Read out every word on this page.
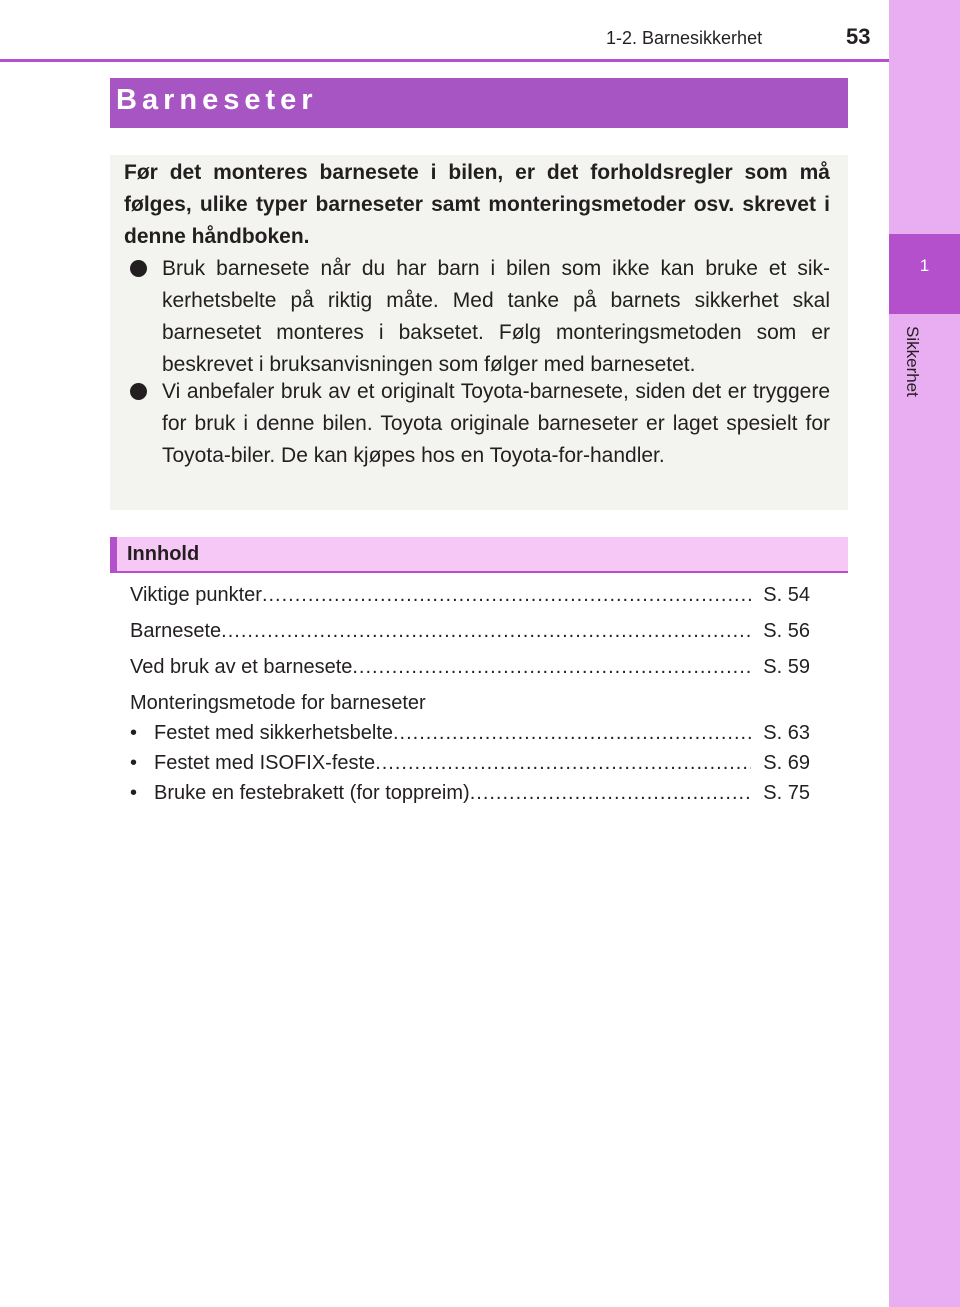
1
Sikkerhet
1-2. Barnesikkerhet	53
Barneseter

Før det monteres barnesete i bilen, er det forholdsregler som må følges, ulike typer barneseter samt monteringsmetoder osv. skrevet i denne håndboken.

Bruk barnesete når du har barn i bilen som ikke kan bruke et sik-kerhetsbelte på riktig måte. Med tanke på barnets sikkerhet skal barnesetet monteres i baksetet. Følg monteringsmetoden som er beskrevet i bruksanvisningen som følger med barnesetet.

Vi anbefaler bruk av et originalt Toyota-barnesete, siden det er tryggere for bruk i denne bilen. Toyota originale barneseter er laget spesielt for Toyota-biler. De kan kjøpes hos en Toyota-for-handler.

Innhold
Viktige punkter .....	S. 54
Barnesete .....	S. 56
Ved bruk av et barnesete .....	S. 59
Monteringsmetode for barneseter
• Festet med sikkerhetsbelte .....	S. 63
• Festet med ISOFIX-feste .....	S. 69
• Bruke en festebrakett (for toppreim) .....	S. 75
